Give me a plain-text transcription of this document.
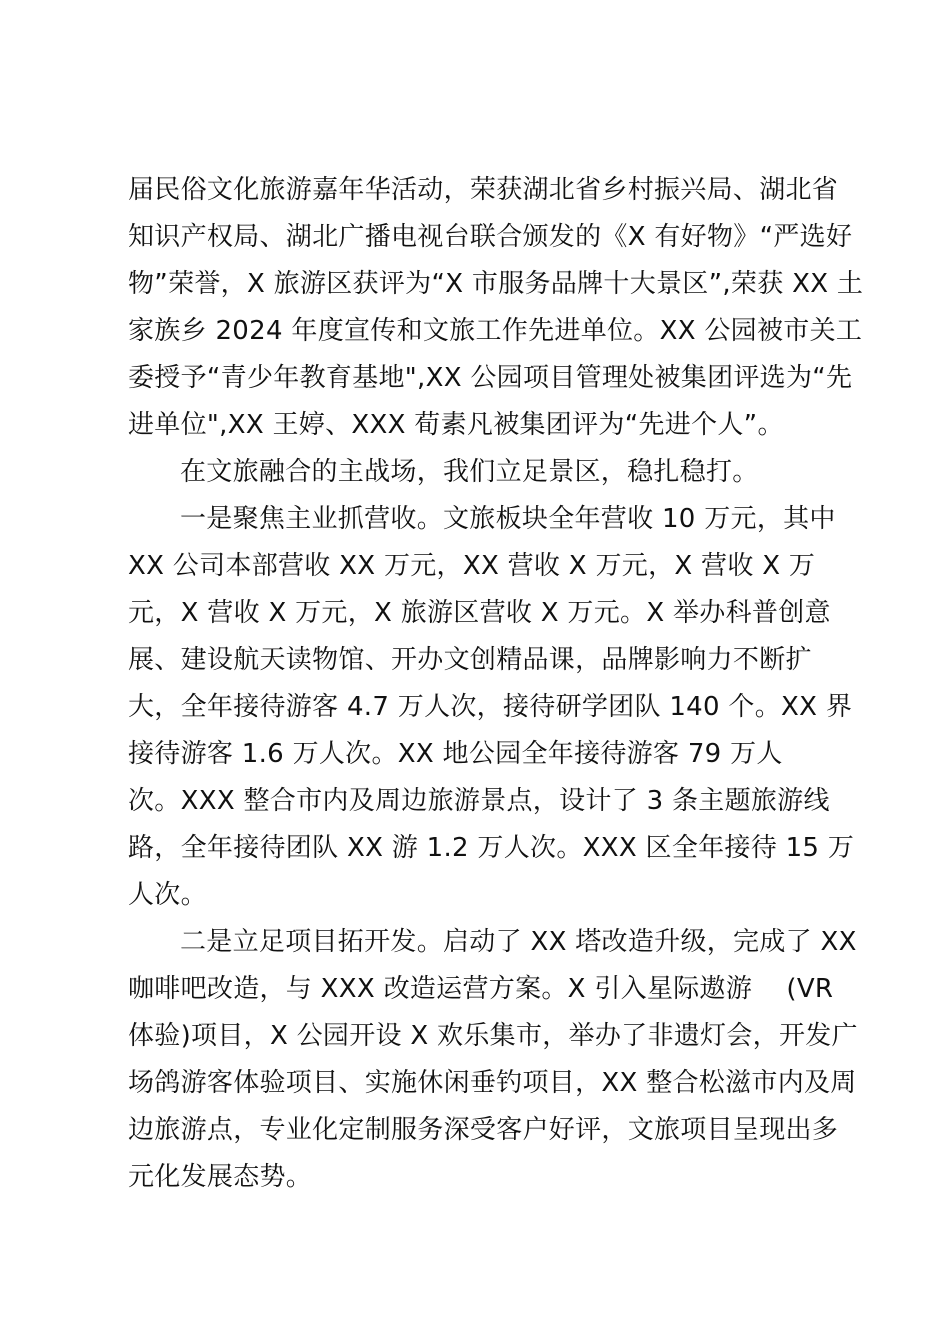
届民俗文化旅游嘉年华活动，荣获湖北省乡村振兴局、湖北省
知识产权局、湖北广播电视台联合颁发的《X 有好物》“严选好
物”荣誉，X 旅游区获评为“X 市服务品牌十大景区”,荣获 XX 土
家族乡 2024 年度宣传和文旅工作先进单位。XX 公园被市关工
委授予“青少年教育基地",XX 公园项目管理处被集团评选为“先
进单位",XX 王婷、XXX 荀素凡被集团评为“先进个人”。
在文旅融合的主战场，我们立足景区，稳扎稳打。
一是聚焦主业抓营收。文旅板块全年营收 10 万元，其中
XX 公司本部营收 XX 万元，XX 营收 X 万元，X 营收 X 万
元，X 营收 X 万元，X 旅游区营收 X 万元。X 举办科普创意
展、建设航天读物馆、开办文创精品课，品牌影响力不断扩
大，全年接待游客 4.7 万人次，接待研学团队 140 个。XX 界
接待游客 1.6 万人次。XX 地公园全年接待游客 79 万人
次。XXX 整合市内及周边旅游景点，设计了 3 条主题旅游线
路，全年接待团队 XX 游 1.2 万人次。XXX 区全年接待 15 万
人次。
二是立足项目拓开发。启动了 XX 塔改造升级，完成了 XX
咖啡吧改造，与 XXX 改造运营方案。X 引入星际遨游    (VR
体验)项目，X 公园开设 X 欢乐集市，举办了非遗灯会，开发广
场鸽游客体验项目、实施休闲垂钓项目，XX 整合松滋市内及周
边旅游点，专业化定制服务深受客户好评，文旅项目呈现出多
元化发展态势。
